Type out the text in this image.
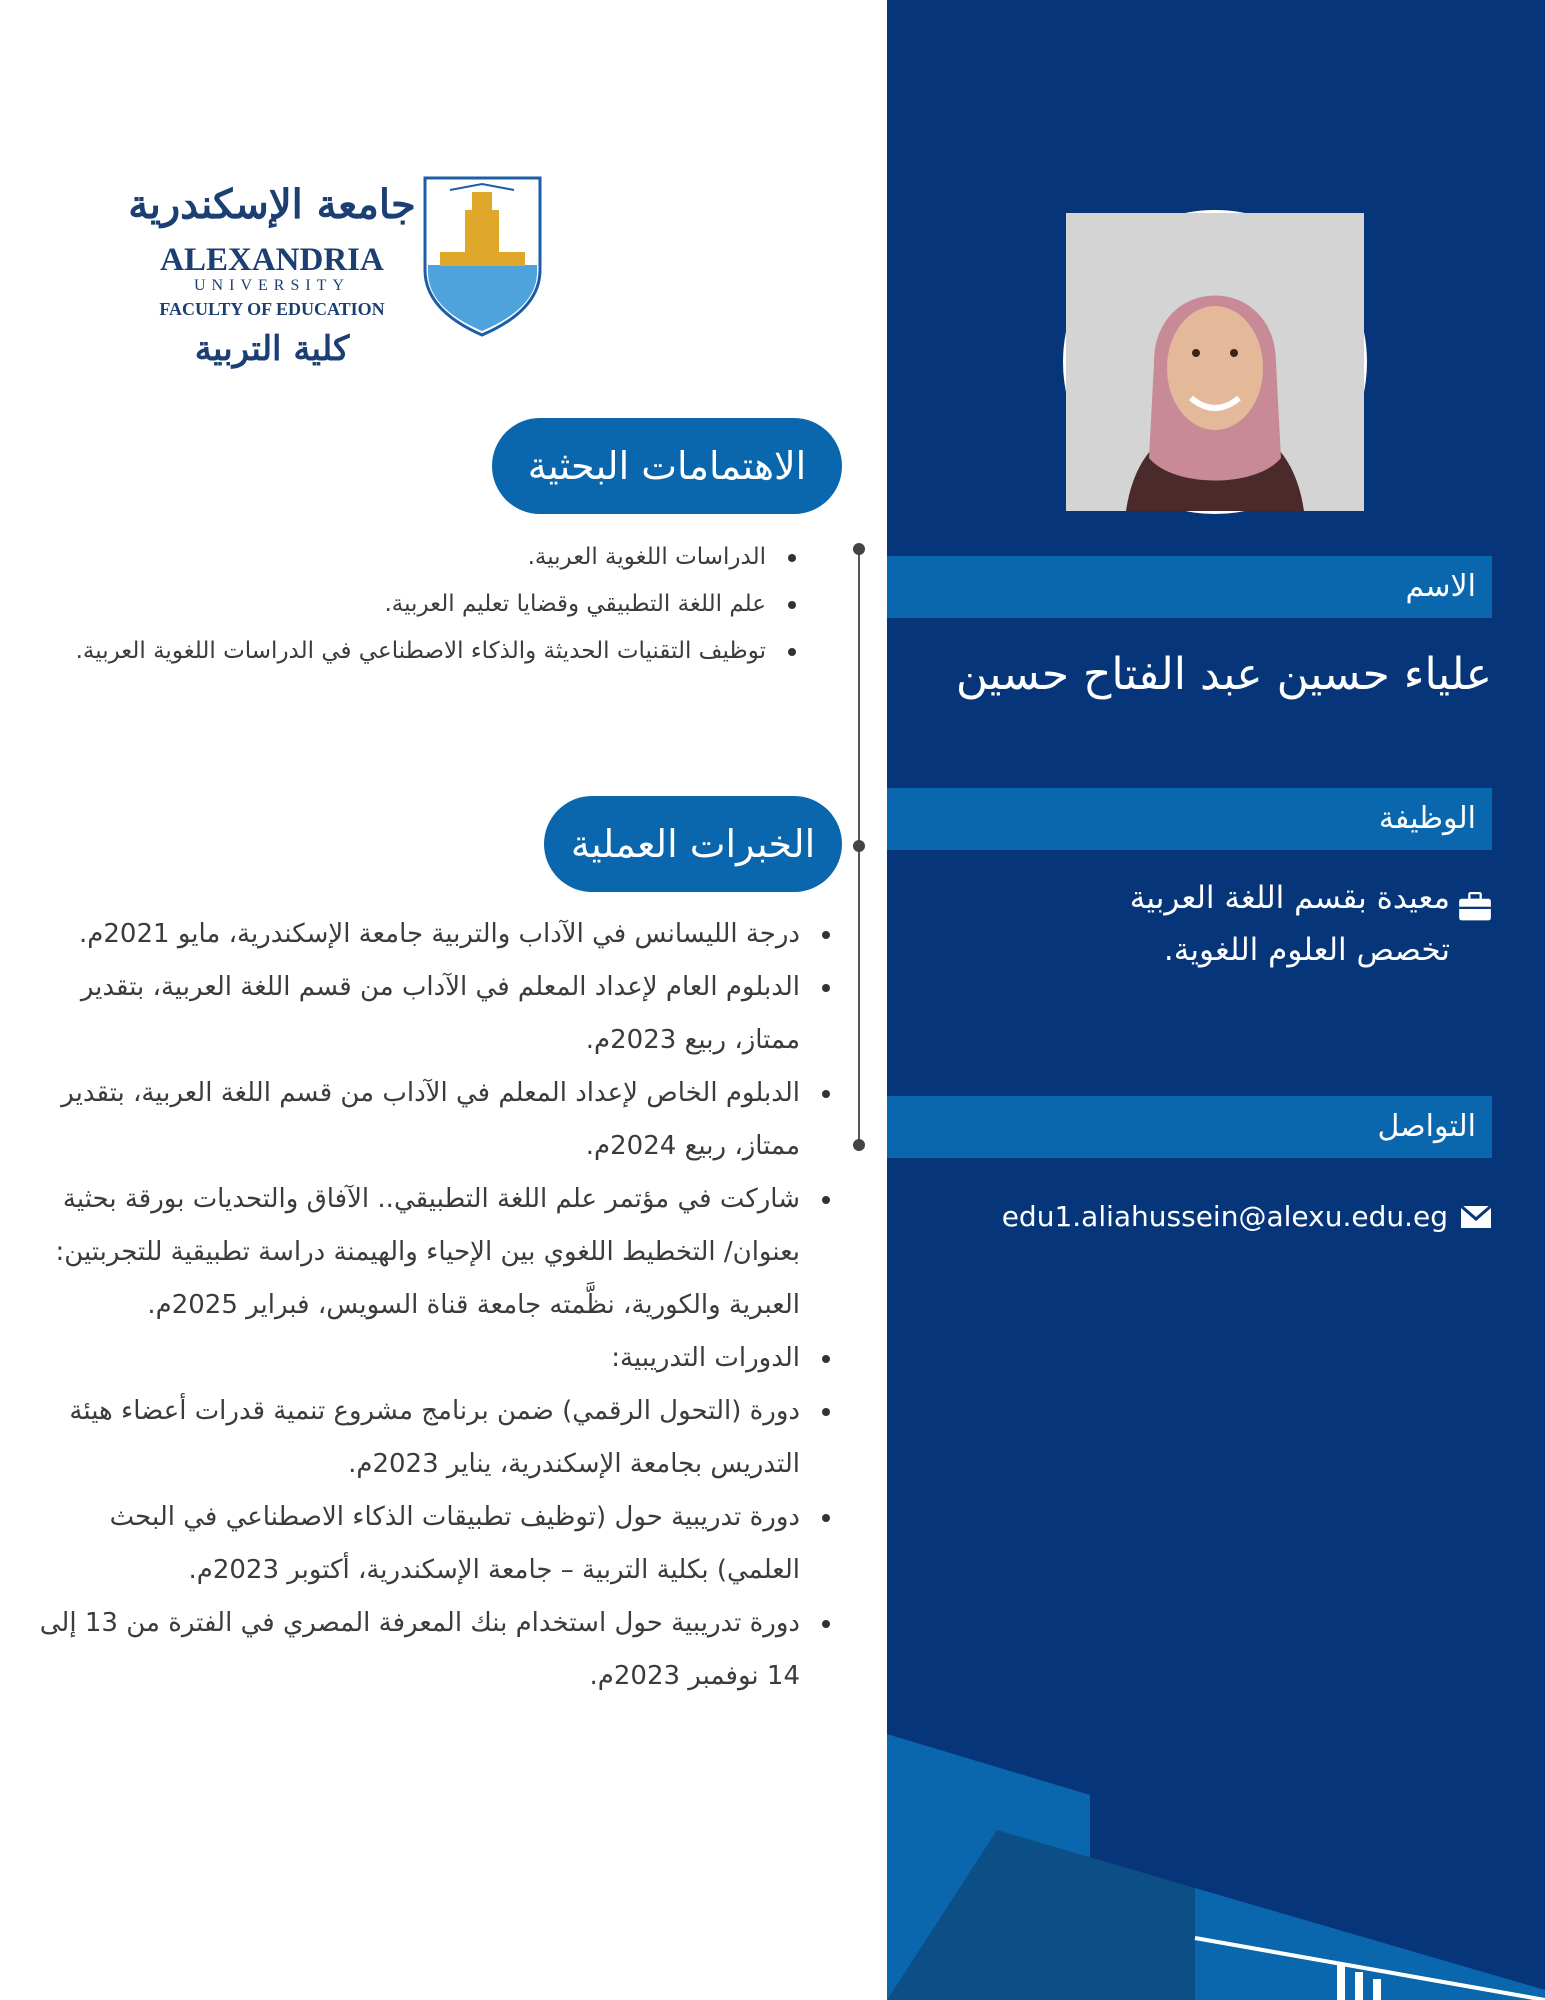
الاسم
علياء حسين عبد الفتاح حسين
الوظيفة
معيدة بقسم اللغة العربية
تخصص العلوم اللغوية.
التواصل
edu1.aliahussein@alexu.edu.eg
جامعة الإسكندرية
ALEXANDRIA
UNIVERSITY
FACULTY OF EDUCATION
كلية التربية
الاهتمامات البحثية
الدراسات اللغوية العربية.
علم اللغة التطبيقي وقضايا تعليم العربية.
توظيف التقنيات الحديثة والذكاء الاصطناعي في الدراسات اللغوية العربية.
الخبرات العملية
درجة الليسانس في الآداب والتربية جامعة الإسكندرية، مايو 2021م.
الدبلوم العام لإعداد المعلم في الآداب من قسم اللغة العربية، بتقدير ممتاز، ربيع 2023م.
الدبلوم الخاص لإعداد المعلم في الآداب من قسم اللغة العربية، بتقدير ممتاز، ربيع 2024م.
شاركت في مؤتمر علم اللغة التطبيقي.. الآفاق والتحديات بورقة بحثية بعنوان/ التخطيط اللغوي بين الإحياء والهيمنة دراسة تطبيقية للتجربتين: العبرية والكورية، نظَّمته جامعة قناة السويس، فبراير 2025م.
الدورات التدريبية:
دورة (التحول الرقمي) ضمن برنامج مشروع تنمية قدرات أعضاء هيئة التدريس بجامعة الإسكندرية، يناير 2023م.
دورة تدريبية حول (توظيف تطبيقات الذكاء الاصطناعي في البحث العلمي) بكلية التربية – جامعة الإسكندرية، أكتوبر 2023م.
دورة تدريبية حول استخدام بنك المعرفة المصري في الفترة من 13 إلى 14 نوفمبر 2023م.
